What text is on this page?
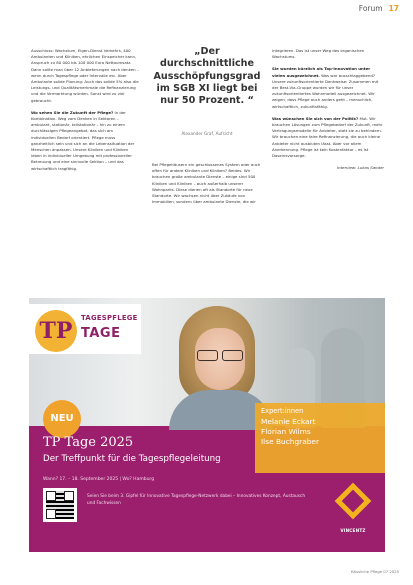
Forum 17

Ausschluss: Wachstum, Eigen-Dienst Verkehrs, 400 Ambulanten und Kliniken, ehrlichen Einspeicher kann, Anspruch zu 80 000 bis 100 000 Euro Nettoumsatz. Dann sollte man über 12 Anbieterungen nach denken – wenn durch Tagespflege oder Intervalle etc. Aber Ambulante solide Planung: Auch das solide 5% also die Leistungs- und Qualitätsmerkmale die Refinanzierung und die Vermarktung würden. Sonst wird zu viel gebraucht.

Wo sehen Sie die Zukunft der Pflege? In der Kombination. Weg vom Denken in Sektoren – ambulant, stationär, teilstationär – hin zu einem durchlässigen Pflegeangebot, das sich am individuellen Bedarf orientiert. Pflege muss ganzheitlich sein und sich an die Lebenssituation der Menschen anpassen. Unsere Kliniken und Kliniken leben in individueller Umgebung mit professioneller Betreuung und eine sinnvolle Sektion – und das wirtschaftlich tragfähig.

„Der durchschnittliche Ausschöpfungsgrad im SGB XI liegt bei nur 50 Prozent. “
Alexander Graf, Aufsicht

Bei Pflegehäusern ein geschlossenes System oder auch offen für andere Kliniken und Kliniken? Beides. Wir brauchen große ambulante Dienste – einige sind 500 Kliniken und Kliniken – auch außerhalb unserer Wohnparks. Diese dienen oft als Standorte für neue Standorte. Wir wachsen nicht über Zukäufe von Immobilien, sondern über ambulante Dienste, die wir

integrieren. Das ist unser Weg des organischen Wachstums.

Sie wurden kürzlich als Top-Innovation unter vielen ausgezeichnet. Was war ausschlaggebend? Unsere zukunftsorientierte Denkweise: Zusammen mit der Best-Via-Gruppe wurden wir für unser zukunftsorientiertes Wohnmodell ausgezeichnet. Wir zeigen, dass Pflege auch anders geht – menschlich, wirtschaftlich, zukunftsfähig.

Was wünschen Sie sich von der Politik? Mut. Wir brauchen Lösungen zum Pflegebedarf der Zukunft, mehr Vertragungsmodelle für Anbieter, statt sie zu behindern. Wir brauchen eine faire Refinanzierung, die auch kleine Anbieter nicht ausbluten lässt. Aber vor allem Anerkennung. Pflege ist kein Kostenfaktor – es ist Daseinsvorsorge.

Interview: Lukas Sander

TP	TAGESPFLEGE
TAGE
NEU
Expert:innen
Melanie Eckart
Florian Wilms
Ilse Buchgraber
TP Tage 2025
Der Treffpunkt für die Tagespflegeleitung
Wann? 17. – 18. September 2025 | Wo? Hamburg
Seien Sie beim 3. Gipfel für Innovative Tagespflege-Netzwerk dabei – Innovatives Konzept, Austausch und Fachwissen
VINCENTZ
Häusliche Pflege 07 2025
